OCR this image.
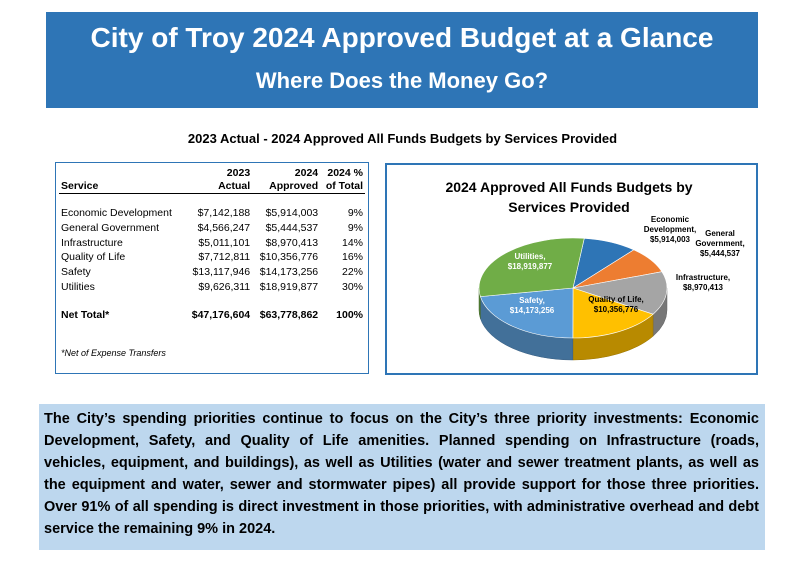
City of Troy 2024 Approved Budget at a Glance
Where Does the Money Go?
2023 Actual - 2024 Approved All Funds Budgets by Services Provided
	2023	2024	2024 %
Service	Actual	Approved	of Total

Economic Development	$7,142,188	$5,914,003	9%
General Government	$4,566,247	$5,444,537	9%
Infrastructure	$5,011,101	$8,970,413	14%
Quality of Life	$7,712,811	$10,356,776	16%
Safety	$13,117,946	$14,173,256	22%
Utilities	$9,626,311	$18,919,877	30%

Net Total*	$47,176,604	$63,778,862	100%
*Net of Expense Transfers
2024 Approved All Funds Budgets by Services Provided
Economic
Development,
$5,914,003
General
Government,
$5,444,537
Infrastructure,
$8,970,413
Quality of Life,
$10,356,776
Safety,
$14,173,256
Utilities,
$18,919,877
The City’s spending priorities continue to focus on the City’s three priority investments: Economic Development, Safety, and Quality of Life amenities. Planned spending on Infrastructure (roads, vehicles, equipment, and buildings), as well as Utilities (water and sewer treatment plants, as well as the equipment and water, sewer and stormwater pipes) all provide support for those three priorities. Over 91% of all spending is direct investment in those priorities, with administrative overhead and debt service the remaining 9% in 2024.
